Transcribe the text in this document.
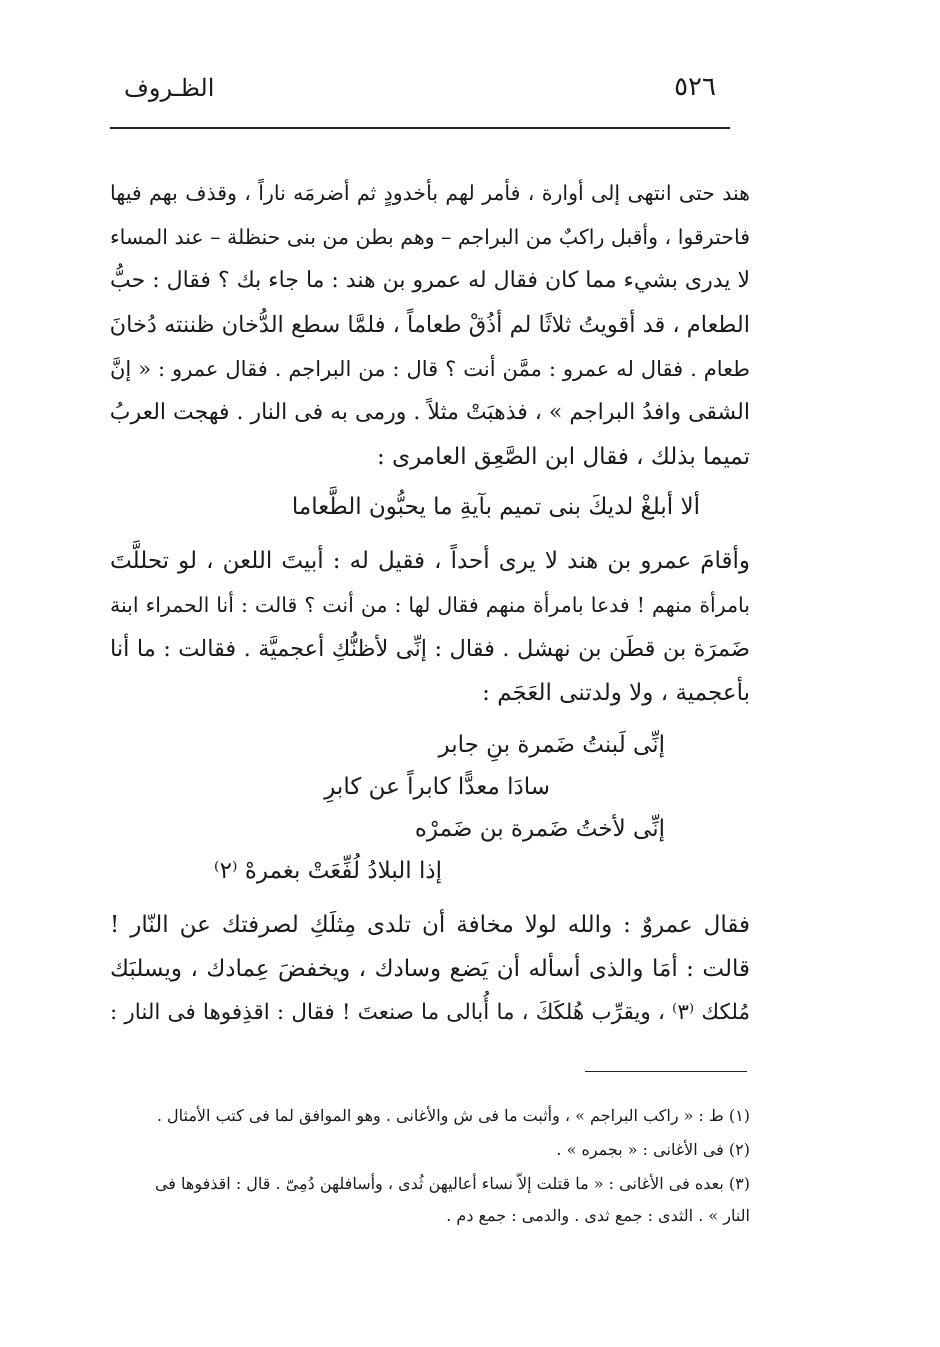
٥٢٦
الظـروف
هند حتى انتهى إلى أوارة ، فأمر لهم بأخدودٍ ثم أضرمَه ناراً ، وقذف بهم فيها
فاحترقوا ، وأقبل راكبٌ من البراجم – وهم بطن من بنى حنظلة – عند المساء
لا يدرى بشيء مما كان فقال له عمرو بن هند : ما جاء بك ؟ فقال : حبُّ
الطعام ، قد أقويتُ ثلاثًا لم أذُقْ طعاماً ، فلمَّا سطع الدُّخان ظننته دُخانَ
طعام . فقال له عمرو : ممَّن أنت ؟ قال : من البراجم . فقال عمرو : « إنَّ
الشقى وافدُ البراجم » ، فذهبَتْ مثلاً . ورمى به فى النار . فهجت العربُ
تميما بذلك ، فقال ابن الصَّعِق العامرى :
ألا أبلغْ لديكَ بنى تميم بآيةِ ما يحبُّون الطَّعاما
وأقامَ عمرو بن هند لا يرى أحداً ، فقيل له : أبيتَ اللعن ، لو تحللَّتَ
بامرأة منهم ! فدعا بامرأة منهم فقال لها : من أنت ؟ قالت : أنا الحمراء ابنة
ضَمرَة بن قطَن بن نهشل . فقال : إنِّى لأظنُّكِ أعجميَّة . فقالت : ما أنا
بأعجمية ، ولا ولدتنى العَجَم :
إنِّى لَبنتُ ضَمرة بنِ جابر
سادَا معدًّا كابراً عن كابرِ
إنِّى لأختُ ضَمرة بن ضَمرْه
إذا البلادُ لُفِّعَتْ بغمرهْ ⁽٢⁾
فقال عمروٌ : والله لولا مخافة أن تلدى مِثلَكِ لصرفتك عن النّار !
قالت : أمَا والذى أسأله أن يَضع وسادك ، ويخفضَ عِمادك ، ويسلبَك
مُلكك ⁽٣⁾ ، ويقرِّب هُلكَكَ ، ما أُبالى ما صنعتَ ! فقال : اقذِفوها فى النار :
(١) ط : « راكب البراجم » ، وأثبت ما فى ش والأغانى . وهو الموافق لما فى كتب الأمثال .
(٢) فى الأغانى : « بجمره » .
(٣) بعده فى الأغانى : « ما قتلت إلاّ نساء أعاليهن ثُدى ، وأسافلهن دُمِىّ . قال : اقذفوها فى
النار » . الثدى : جمع ثدى . والدمى : جمع دم .
